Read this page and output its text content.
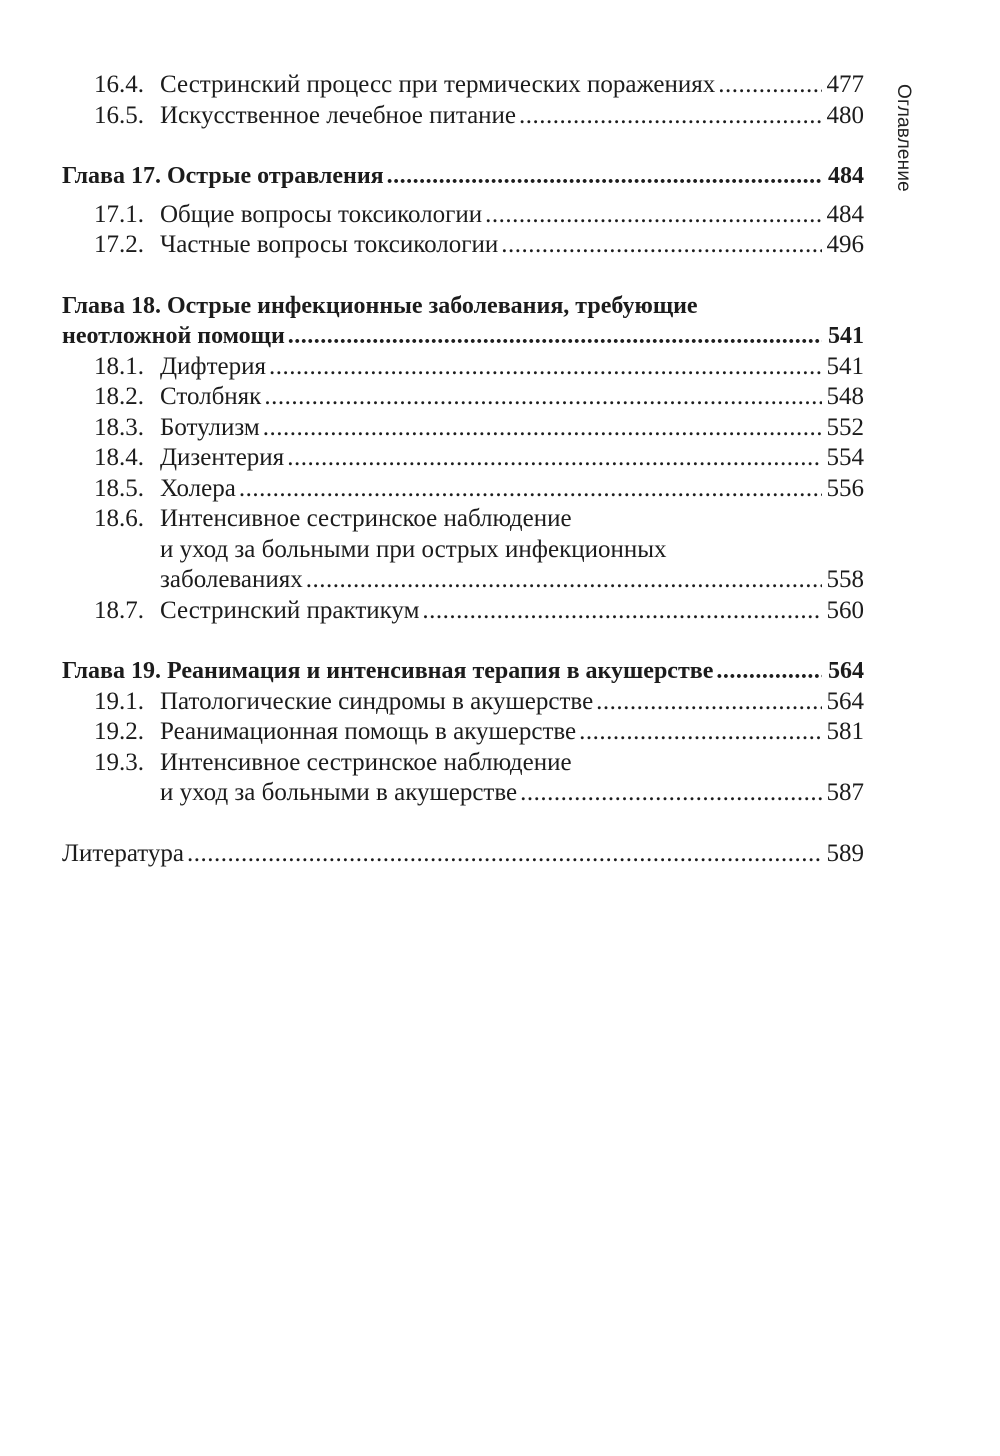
Оглавление
16.4. Сестринский процесс при термических поражениях .....	477
16.5. Искусственное лечебное питание .....	480
Глава 17. Острые отравления .....	484
17.1. Общие вопросы токсикологии .....	484
17.2. Частные вопросы токсикологии .....	496
Глава 18. Острые инфекционные заболевания, требующие
неотложной помощи .....	541
18.1. Дифтерия .....	541
18.2. Столбняк .....	548
18.3. Ботулизм .....	552
18.4. Дизентерия .....	554
18.5. Холера .....	556
18.6. Интенсивное сестринское наблюдение
и уход за больными при острых инфекционных
заболеваниях .....	558
18.7. Сестринский практикум .....	560
Глава 19. Реанимация и интенсивная терапия в акушерстве .....	564
19.1. Патологические синдромы в акушерстве .....	564
19.2. Реанимационная помощь в акушерстве .....	581
19.3. Интенсивное сестринское наблюдение
и уход за больными в акушерстве .....	587
Литература .....	589
